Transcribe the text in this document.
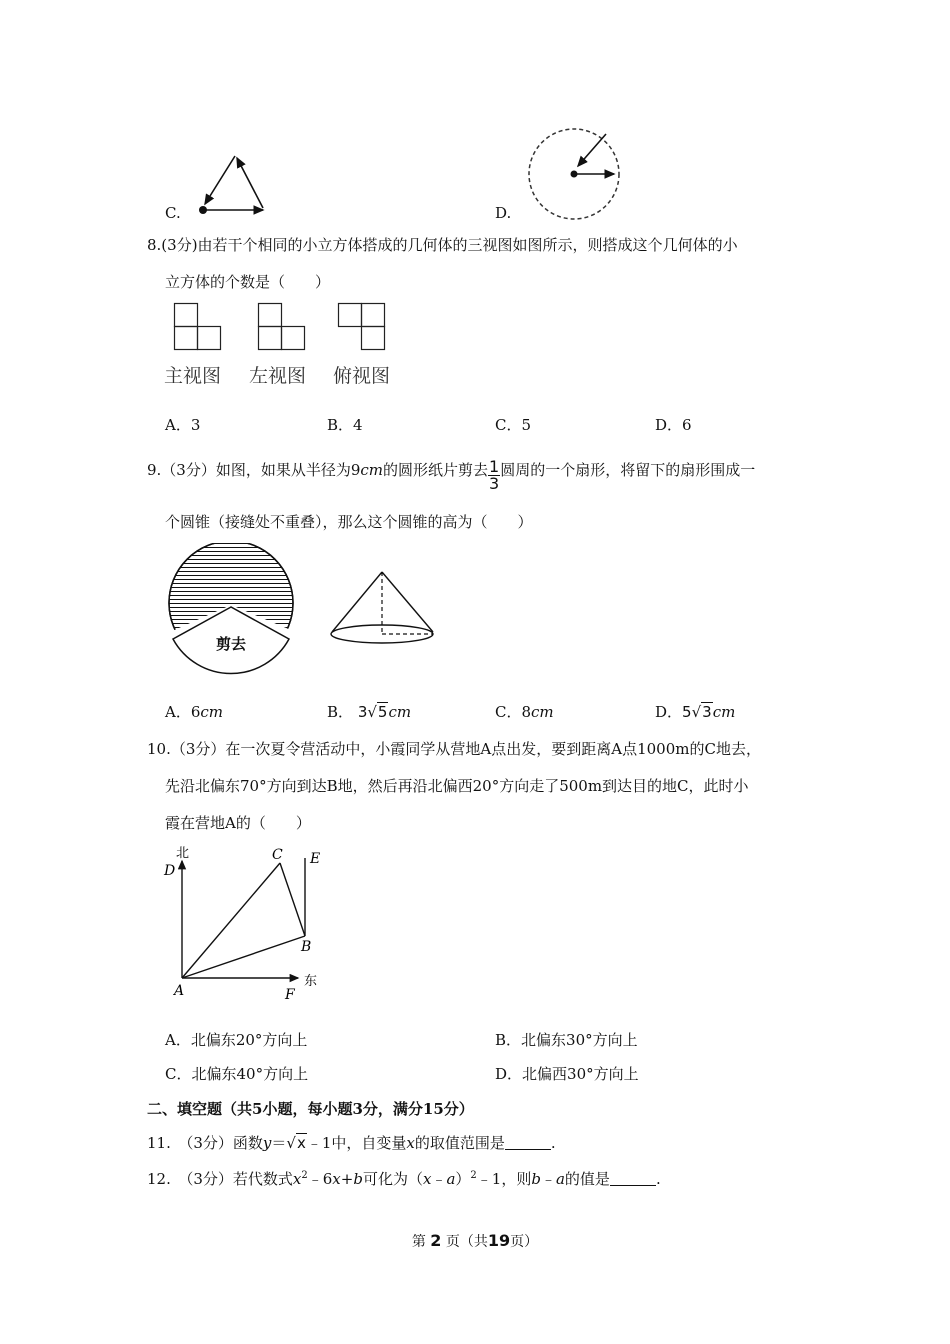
C.	D.
8.(3分)由若干个相同的小立方体搭成的几何体的三视图如图所示，则搭成这个几何体的小
立方体的个数是（　　）
主视图 左视图 俯视图
A．3	B．4	C．5	D．6
9.（3分）如图，如果从半径为9cm的圆形纸片剪去 $\frac{1}{3}$ 圆周的一个扇形，将留下的扇形围成一
个圆锥（接缝处不重叠），那么这个圆锥的高为（　　）
剪去
A．6cm	B． 3√5cm	C．8cm	D．5√3cm
10.（3分）在一次夏令营活动中，小霞同学从营地A点出发，要到距离A点1000m的C地去，
先沿北偏东70°方向到达B地，然后再沿北偏西20°方向走了500m到达目的地C，此时小
霞在营地A的（　　）
北
D
C E
B
A	F
东
A．北偏东20°方向上	B．北偏东30°方向上
C．北偏东40°方向上	D．北偏西30°方向上
二、填空题（共5小题，每小题3分，满分15分）
11.　（3分）函数y＝√x﹣1中，自变量x的取值范围是	.
12.　（3分）若代数式$x^2﹣6x+b$可化为（x﹣a）$^2$﹣1，则b﹣a的值是	.
第 2 页（共19页）
